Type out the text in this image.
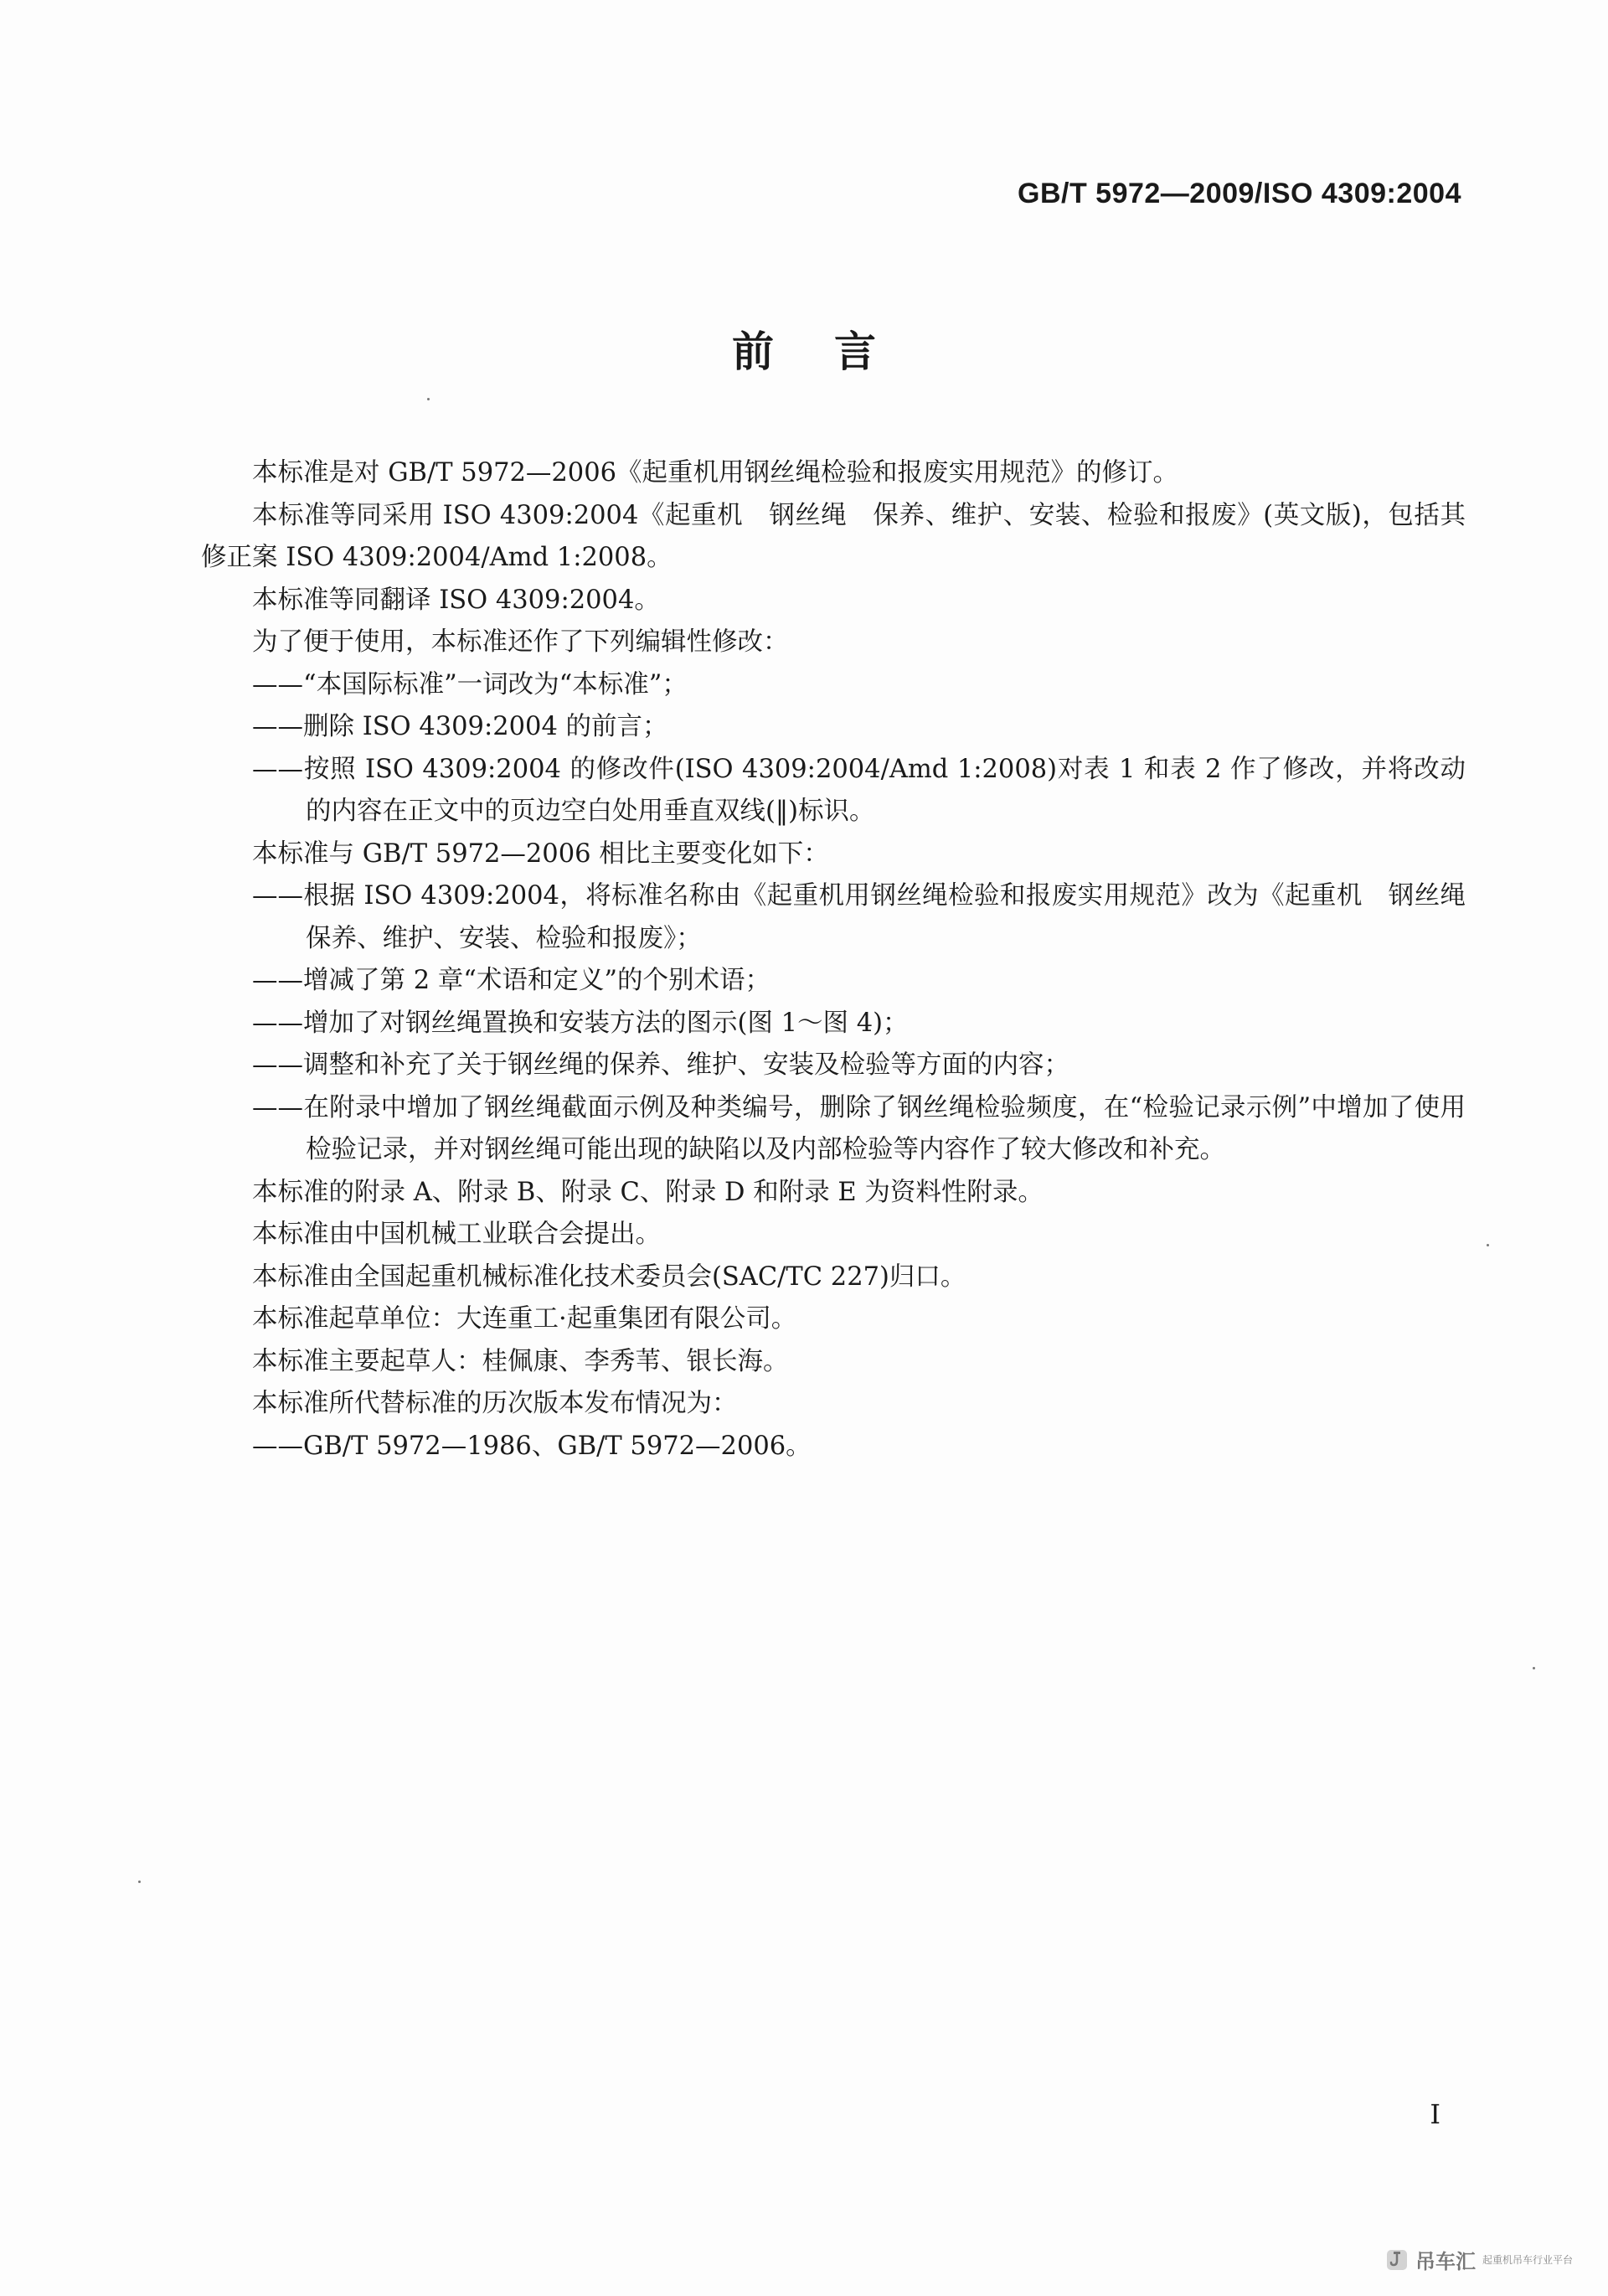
GB/T 5972—2009/ISO 4309:2004
前言

本标准是对 GB/T 5972—2006《起重机用钢丝绳检验和报废实用规范》的修订。

本标准等同采用 ISO 4309:2004《起重机　钢丝绳　保养、维护、安装、检验和报废》(英文版)，包括其修正案 ISO 4309:2004/Amd 1:2008。

本标准等同翻译 ISO 4309:2004。

为了便于使用，本标准还作了下列编辑性修改：

——“本国际标准”一词改为“本标准”；

——删除 ISO 4309:2004 的前言；

——按照 ISO 4309:2004 的修改件(ISO 4309:2004/Amd 1:2008)对表 1 和表 2 作了修改，并将改动的内容在正文中的页边空白处用垂直双线(‖)标识。

本标准与 GB/T 5972—2006 相比主要变化如下：

——根据 ISO 4309:2004，将标准名称由《起重机用钢丝绳检验和报废实用规范》改为《起重机　钢丝绳　保养、维护、安装、检验和报废》；

——增减了第 2 章“术语和定义”的个别术语；

——增加了对钢丝绳置换和安装方法的图示(图 1～图 4)；

——调整和补充了关于钢丝绳的保养、维护、安装及检验等方面的内容；

——在附录中增加了钢丝绳截面示例及种类编号，删除了钢丝绳检验频度，在“检验记录示例”中增加了使用检验记录，并对钢丝绳可能出现的缺陷以及内部检验等内容作了较大修改和补充。

本标准的附录 A、附录 B、附录 C、附录 D 和附录 E 为资料性附录。

本标准由中国机械工业联合会提出。

本标准由全国起重机械标准化技术委员会(SAC/TC 227)归口。

本标准起草单位：大连重工·起重集团有限公司。

本标准主要起草人：桂佩康、李秀苇、银长海。

本标准所代替标准的历次版本发布情况为：

——GB/T 5972—1986、GB/T 5972—2006。

I
吊车汇 起重机吊车行业平台
